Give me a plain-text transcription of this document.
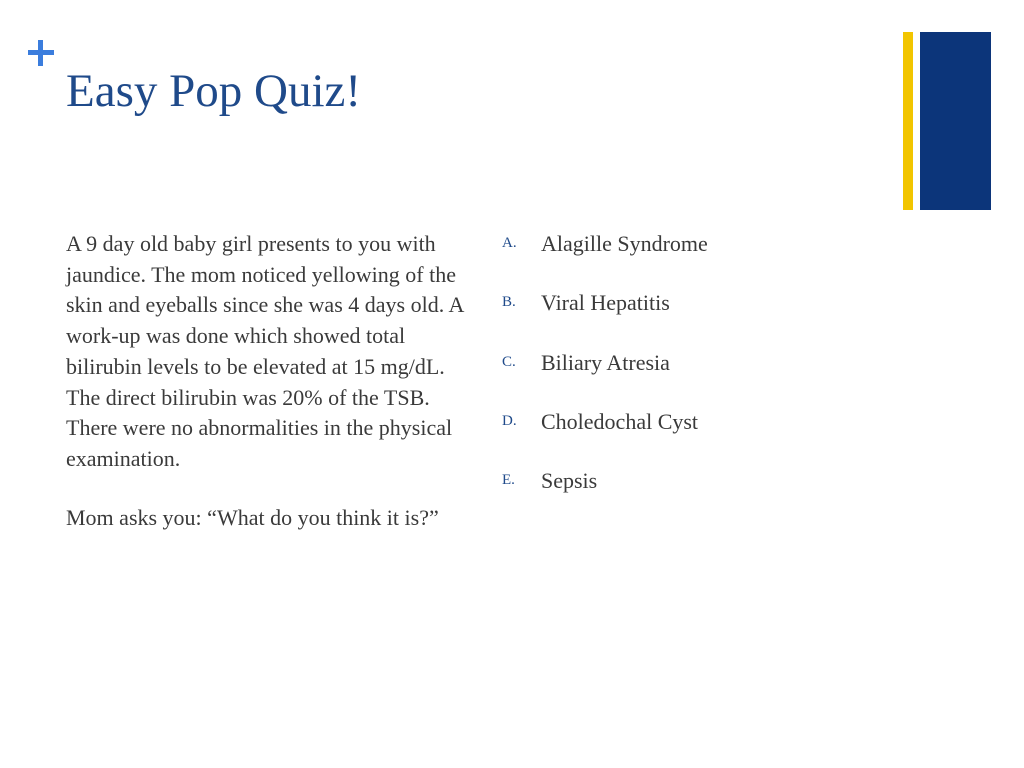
Easy Pop Quiz!

A 9 day old baby girl presents to you with jaundice. The mom noticed yellowing of the skin and eyeballs since she was 4 days old. A work-up was done which showed total bilirubin levels to be elevated at 15 mg/dL. The direct bilirubin was 20% of the TSB. There were no abnormalities in the physical examination.

Mom asks you: “What do you think it is?”

A. Alagille Syndrome
B. Viral Hepatitis
C. Biliary Atresia
D. Choledochal Cyst
E. Sepsis
